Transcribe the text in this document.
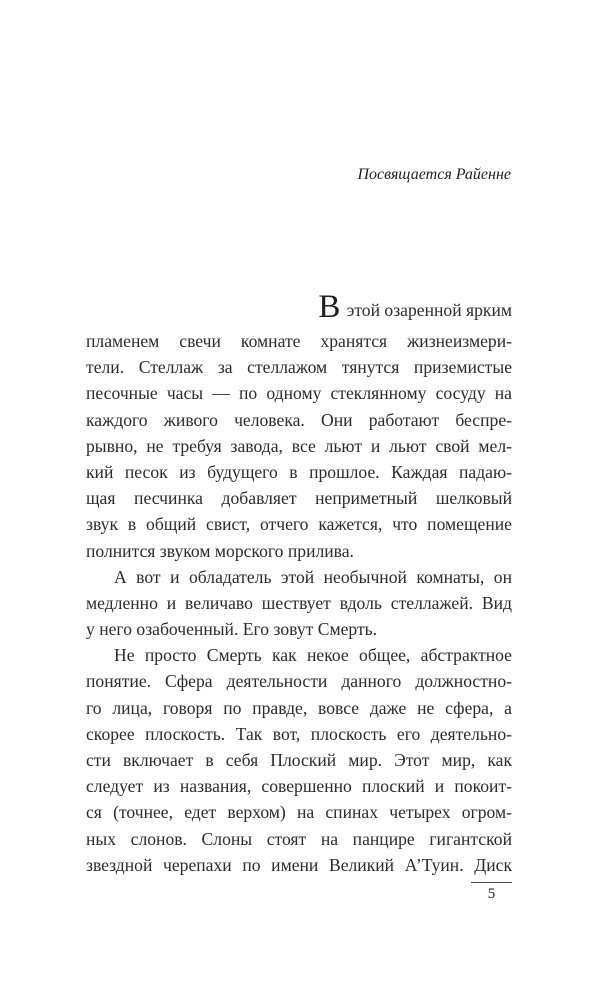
Посвящается Райенне
В этой озаренной ярким
пламенем свечи комнате хранятся жизнеизмери-
тели. Стеллаж за стеллажом тянутся приземистые
песочные часы — по одному стеклянному сосуду на
каждого живого человека. Они работают беспре-
рывно, не требуя завода, все льют и льют свой мел-
кий песок из будущего в прошлое. Каждая падаю-
щая песчинка добавляет неприметный шелковый
звук в общий свист, отчего кажется, что помещение
полнится звуком морского прилива.
А вот и обладатель этой необычной комнаты, он
медленно и величаво шествует вдоль стеллажей. Вид
у него озабоченный. Его зовут Смерть.
Не просто Смерть как некое общее, абстрактное
понятие. Сфера деятельности данного должностно-
го лица, говоря по правде, вовсе даже не сфера, а
скорее плоскость. Так вот, плоскость его деятельно-
сти включает в себя Плоский мир. Этот мир, как
следует из названия, совершенно плоский и покоит-
ся (точнее, едет верхом) на спинах четырех огром-
ных слонов. Слоны стоят на панцире гигантской
звездной черепахи по имени Великий А’Туин. Диск
5
